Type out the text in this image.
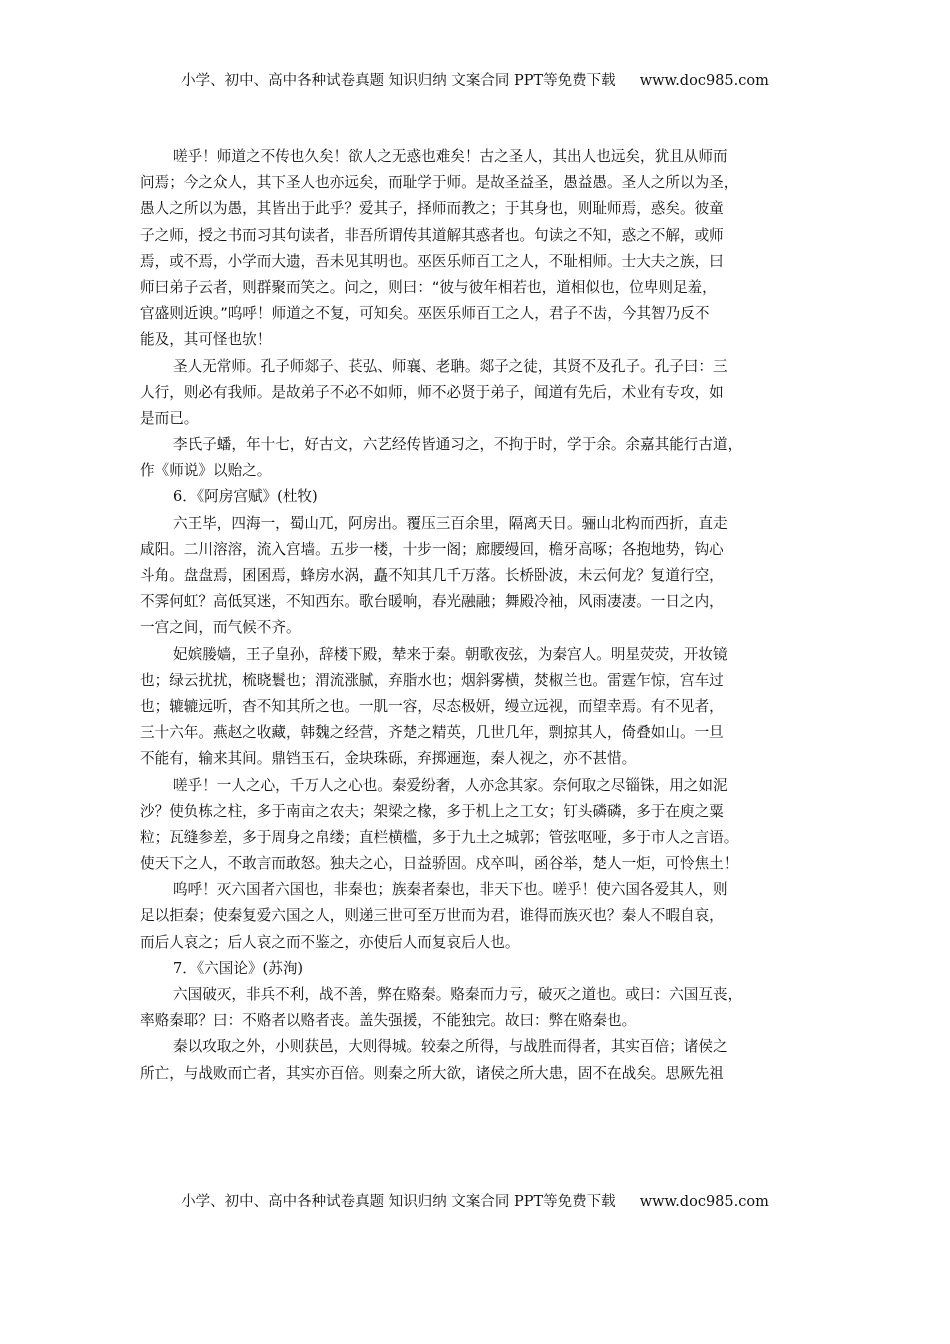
小学、初中、高中各种试卷真题 知识归纳 文案合同 PPT等免费下载 www.doc985.com
嗟乎！师道之不传也久矣！欲人之无惑也难矣！古之圣人，其出人也远矣，犹且从师而
问焉；今之众人，其下圣人也亦远矣，而耻学于师。是故圣益圣，愚益愚。圣人之所以为圣，
愚人之所以为愚，其皆出于此乎？爱其子，择师而教之；于其身也，则耻师焉，惑矣。彼童
子之师，授之书而习其句读者，非吾所谓传其道解其惑者也。句读之不知，惑之不解，或师
焉，或不焉，小学而大遗，吾未见其明也。巫医乐师百工之人，不耻相师。士大夫之族，曰
师曰弟子云者，则群聚而笑之。问之，则曰：“彼与彼年相若也，道相似也，位卑则足羞，
官盛则近谀。”呜呼！师道之不复，可知矣。巫医乐师百工之人，君子不齿，今其智乃反不
能及，其可怪也欤！
圣人无常师。孔子师郯子、苌弘、师襄、老聃。郯子之徒，其贤不及孔子。孔子曰：三
人行，则必有我师。是故弟子不必不如师，师不必贤于弟子，闻道有先后，术业有专攻，如
是而已。
李氏子蟠，年十七，好古文，六艺经传皆通习之，不拘于时，学于余。余嘉其能行古道，
作《师说》以贻之。
6．《阿房宫赋》(杜牧)
六王毕，四海一，蜀山兀，阿房出。覆压三百余里，隔离天日。骊山北构而西折，直走
咸阳。二川溶溶，流入宫墙。五步一楼，十步一阁；廊腰缦回，檐牙高啄；各抱地势，钩心
斗角。盘盘焉，囷囷焉，蜂房水涡，矗不知其几千万落。长桥卧波，未云何龙？复道行空，
不霁何虹？高低冥迷，不知西东。歌台暖响，春光融融；舞殿冷袖，风雨凄凄。一日之内，
一宫之间，而气候不齐。
妃嫔媵嫱，王子皇孙，辞楼下殿，辇来于秦。朝歌夜弦，为秦宫人。明星荧荧，开妆镜
也；绿云扰扰，梳晓鬟也；渭流涨腻，弃脂水也；烟斜雾横，焚椒兰也。雷霆乍惊，宫车过
也；辘辘远听，杳不知其所之也。一肌一容，尽态极妍，缦立远视，而望幸焉。有不见者，
三十六年。燕赵之收藏，韩魏之经营，齐楚之精英，几世几年，剽掠其人，倚叠如山。一旦
不能有，输来其间。鼎铛玉石，金块珠砾，弃掷逦迤，秦人视之，亦不甚惜。
嗟乎！一人之心，千万人之心也。秦爱纷奢，人亦念其家。奈何取之尽锱铢，用之如泥
沙？使负栋之柱，多于南亩之农夫；架梁之椽，多于机上之工女；钉头磷磷，多于在庾之粟
粒；瓦缝参差，多于周身之帛缕；直栏横槛，多于九土之城郭；管弦呕哑，多于市人之言语。
使天下之人，不敢言而敢怒。独夫之心，日益骄固。戍卒叫，函谷举，楚人一炬，可怜焦土！
呜呼！灭六国者六国也，非秦也；族秦者秦也，非天下也。嗟乎！使六国各爱其人，则
足以拒秦；使秦复爱六国之人，则递三世可至万世而为君，谁得而族灭也？秦人不暇自哀，
而后人哀之；后人哀之而不鉴之，亦使后人而复哀后人也。
7．《六国论》(苏洵)
六国破灭，非兵不利，战不善，弊在赂秦。赂秦而力亏，破灭之道也。或曰：六国互丧，
率赂秦耶？曰：不赂者以赂者丧。盖失强援，不能独完。故曰：弊在赂秦也。
秦以攻取之外，小则获邑，大则得城。较秦之所得，与战胜而得者，其实百倍；诸侯之
所亡，与战败而亡者，其实亦百倍。则秦之所大欲，诸侯之所大患，固不在战矣。思厥先祖
小学、初中、高中各种试卷真题 知识归纳 文案合同 PPT等免费下载 www.doc985.com
